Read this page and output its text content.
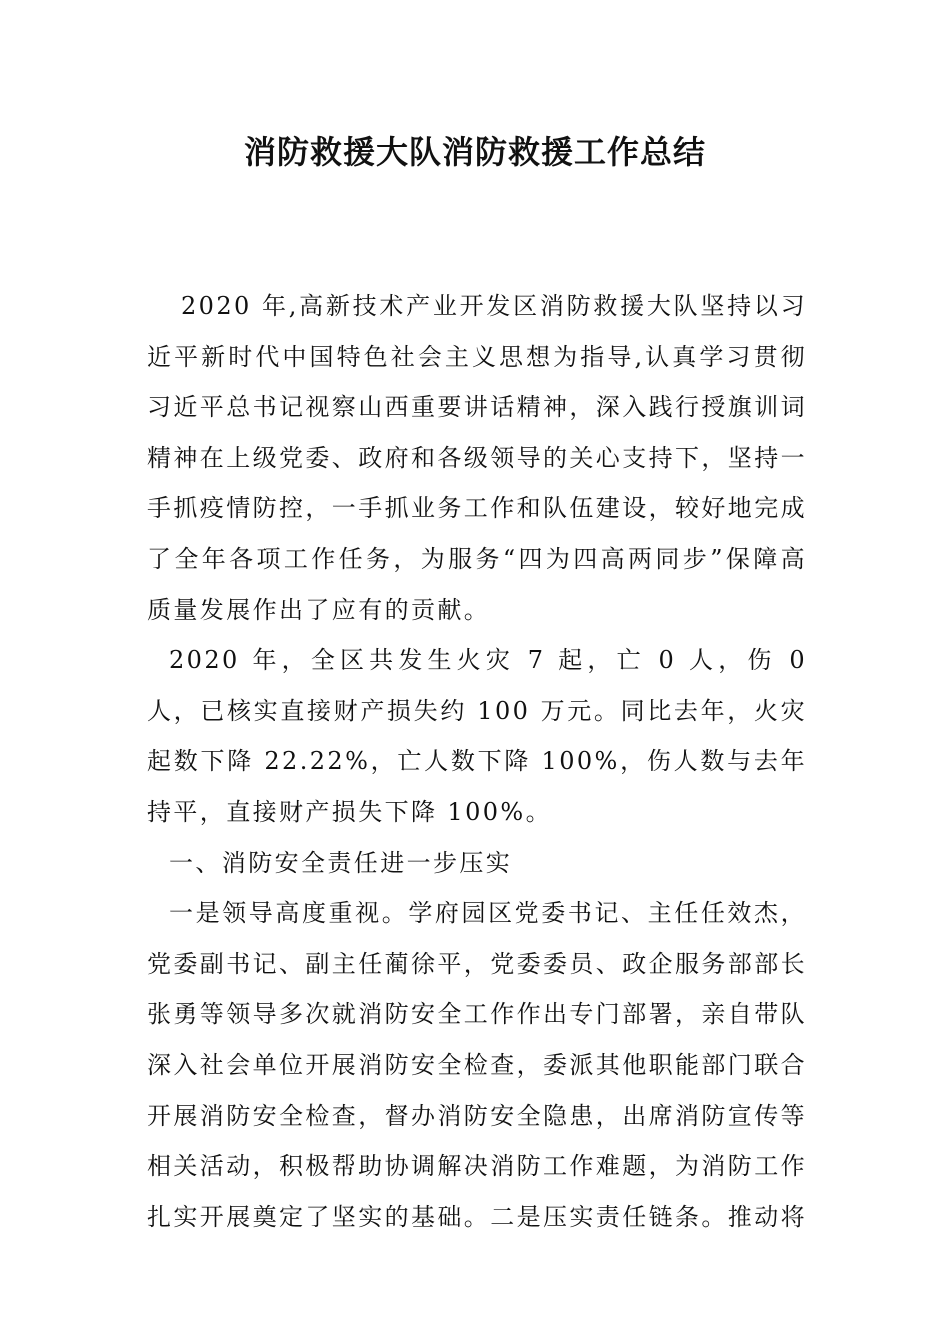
消防救援大队消防救援工作总结

2020 年,高新技术产业开发区消防救援大队坚持以习近平新时代中国特色社会主义思想为指导,认真学习贯彻习近平总书记视察山西重要讲话精神，深入践行授旗训词精神在上级党委、政府和各级领导的关心支持下，坚持一手抓疫情防控，一手抓业务工作和队伍建设，较好地完成了全年各项工作任务，为服务“四为四高两同步”保障高质量发展作出了应有的贡献。

2020 年，全区共发生火灾 7 起，亡 0 人，伤 0 人，已核实直接财产损失约 100 万元。同比去年，火灾起数下降 22.22%，亡人数下降 100%，伤人数与去年持平，直接财产损失下降 100%。

一、消防安全责任进一步压实

一是领导高度重视。学府园区党委书记、主任任效杰，党委副书记、副主任蔺徐平，党委委员、政企服务部部长张勇等领导多次就消防安全工作作出专门部署，亲自带队深入社会单位开展消防安全检查，委派其他职能部门联合开展消防安全检查，督办消防安全隐患，出席消防宣传等相关活动，积极帮助协调解决消防工作难题，为消防工作扎实开展奠定了坚实的基础。二是压实责任链条。推动将
